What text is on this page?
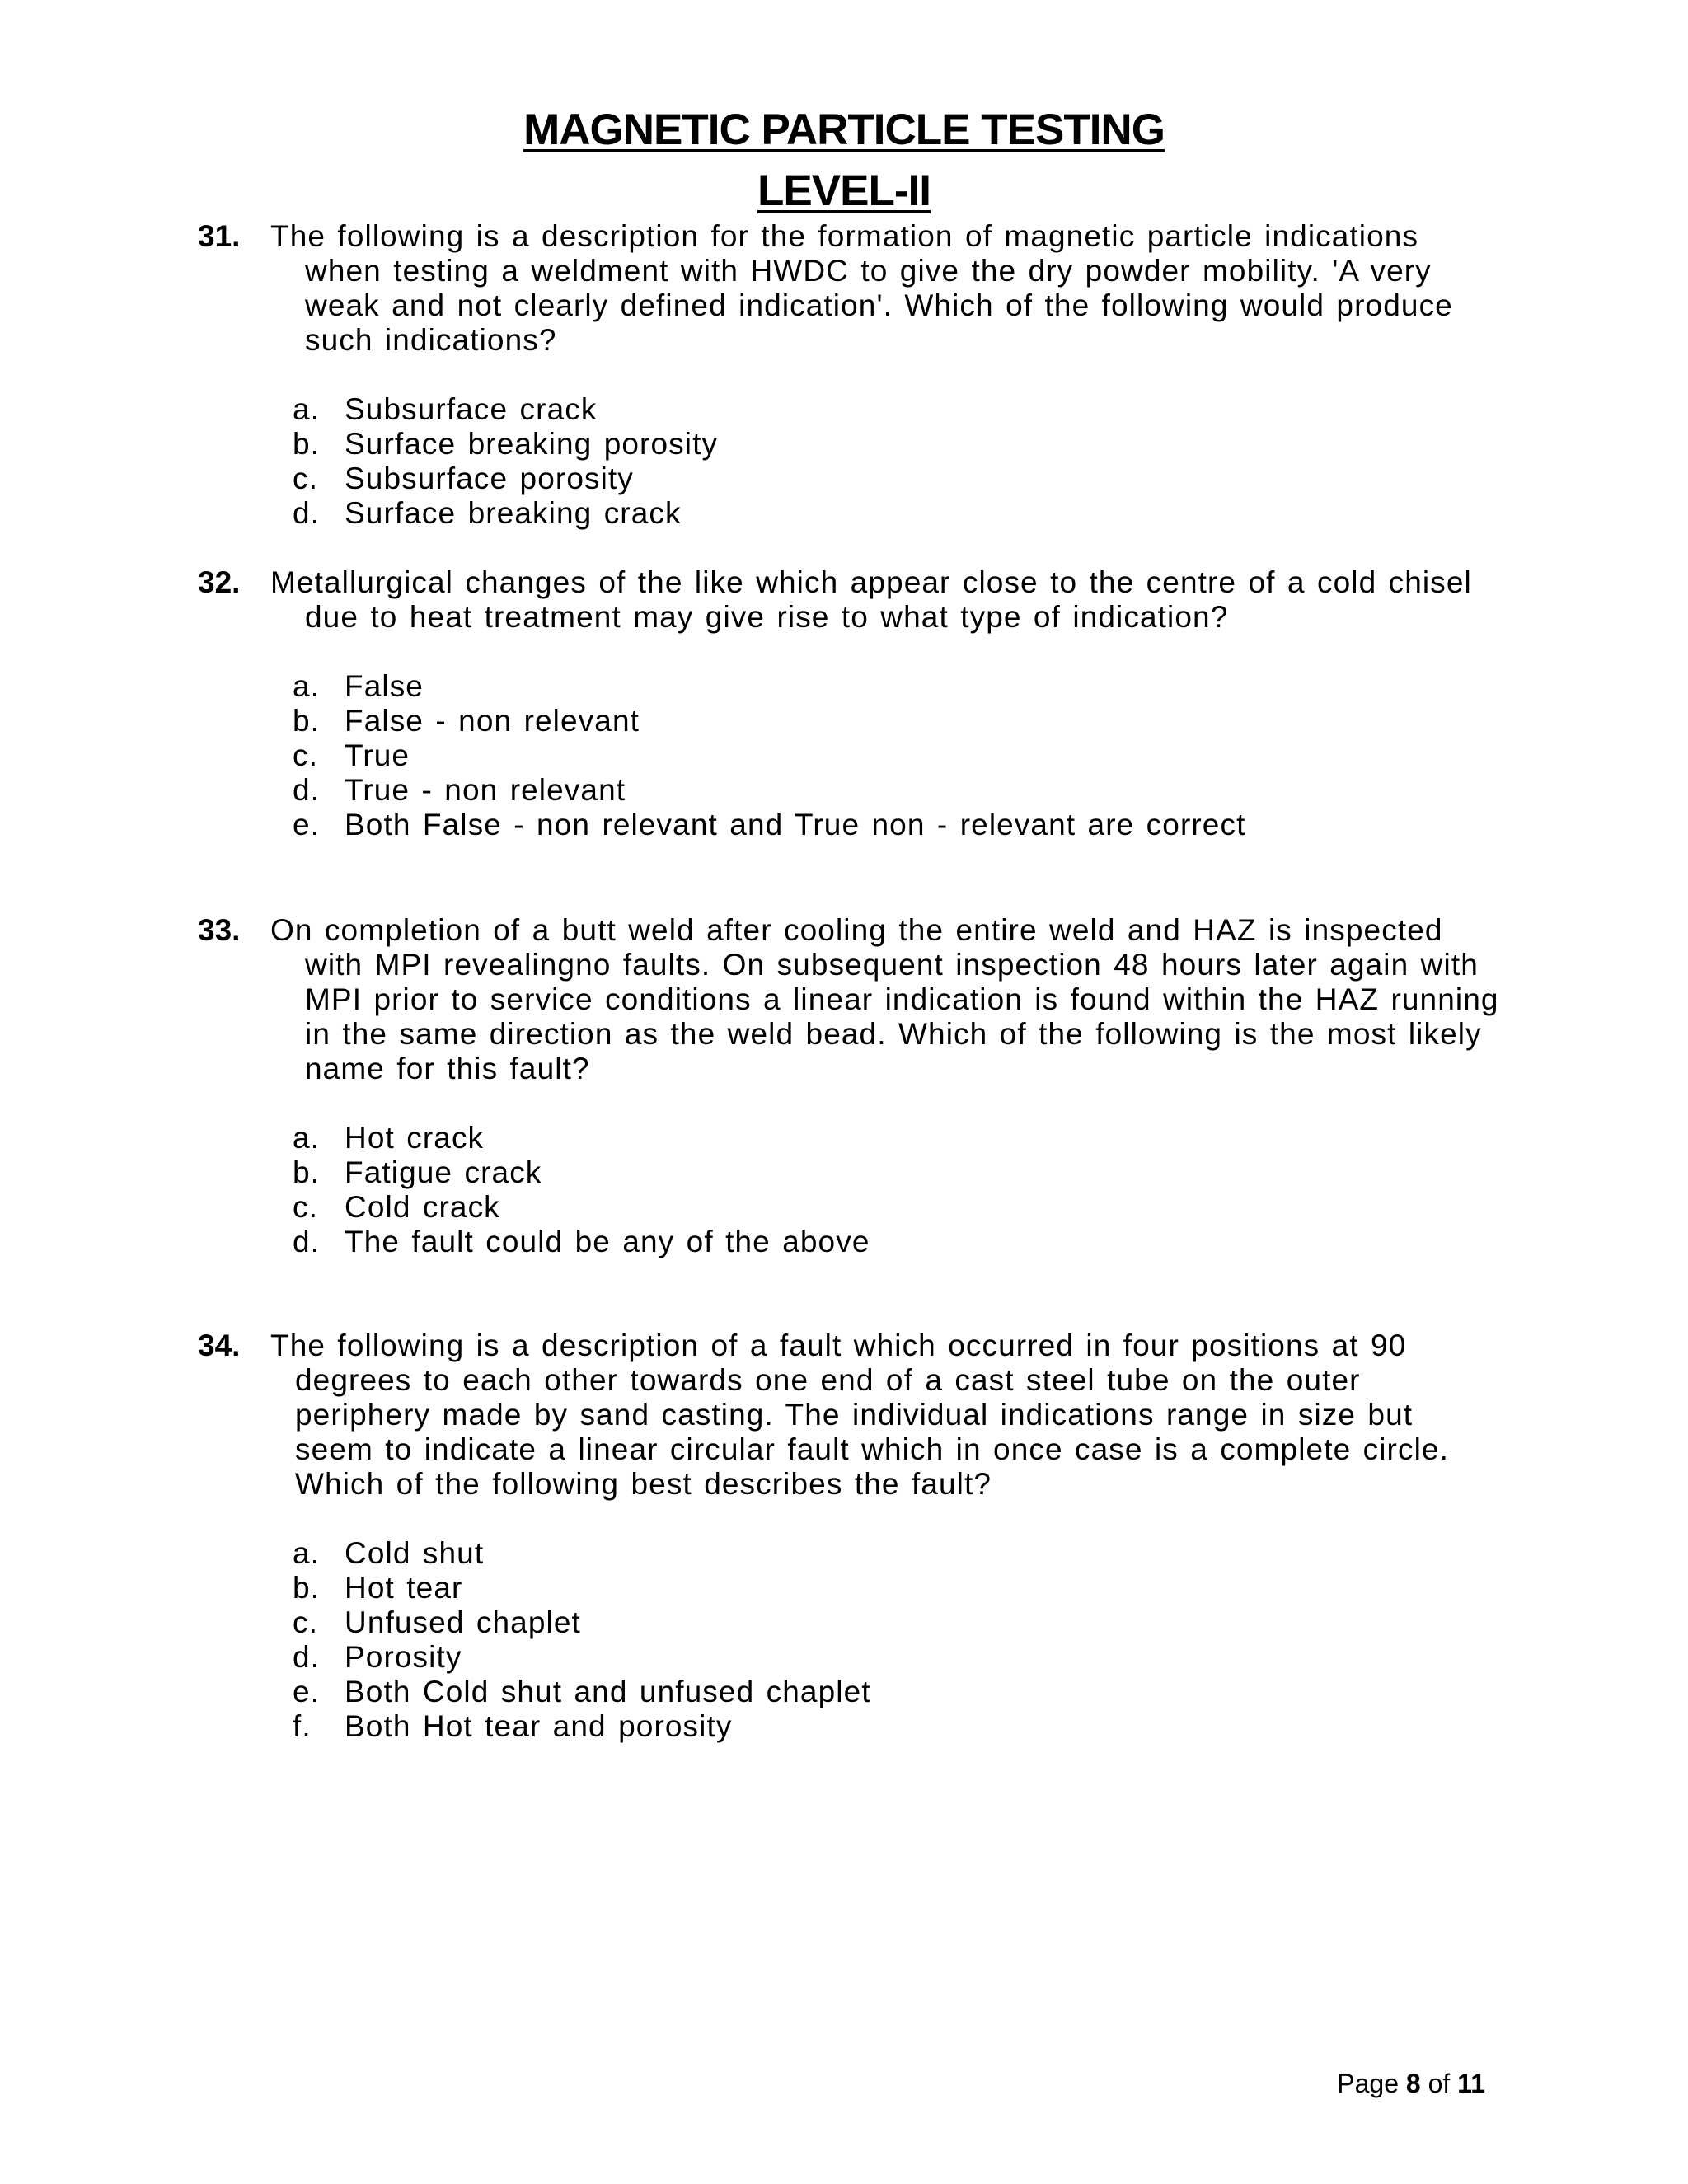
MAGNETIC PARTICLE TESTING
LEVEL-II
31. The following is a description for the formation of magnetic particle indications when testing a weldment with HWDC to give the dry powder mobility. 'A very weak and not clearly defined indication'. Which of the following would produce such indications?
a. Subsurface crack
b. Surface breaking porosity
c. Subsurface porosity
d. Surface breaking crack
32. Metallurgical changes of the like which appear close to the centre of a cold chisel due to heat treatment may give rise to what type of indication?
a. False
b. False - non relevant
c. True
d. True - non relevant
e. Both False - non relevant and True non - relevant are correct
33. On completion of a butt weld after cooling the entire weld and HAZ is inspected with MPI revealingno faults. On subsequent inspection 48 hours later again with MPI prior to service conditions a linear indication is found within the HAZ running in the same direction as the weld bead. Which of the following is the most likely name for this fault?
a. Hot crack
b. Fatigue crack
c. Cold crack
d. The fault could be any of the above
34. The following is a description of a fault which occurred in four positions at 90 degrees to each other towards one end of a cast steel tube on the outer periphery made by sand casting. The individual indications range in size but seem to indicate a linear circular fault which in once case is a complete circle. Which of the following best describes the fault?
a. Cold shut
b. Hot tear
c. Unfused chaplet
d. Porosity
e. Both Cold shut and unfused chaplet
f. Both Hot tear and porosity
Page 8 of 11
